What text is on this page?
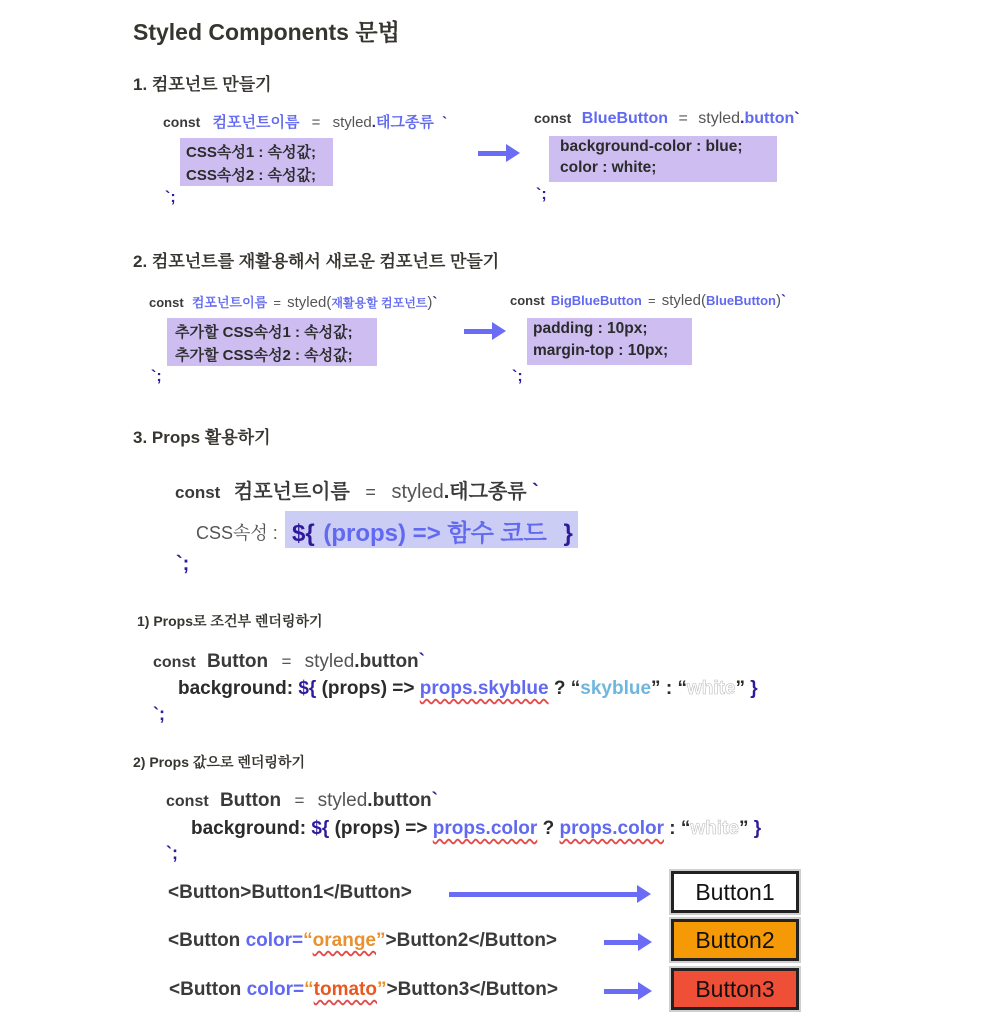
Styled Components 문법
1. 컴포넌트 만들기
const 컴포넌트이름 = styled.태그종류 `
CSS속성1 : 속성값;
CSS속성2 : 속성값;
`;
const BlueButton = styled.button`
background-color : blue;
color : white;
`;
2. 컴포넌트를 재활용해서 새로운 컴포넌트 만들기
const 컴포넌트이름 = styled(재활용할 컴포넌트)`
추가할 CSS속성1 : 속성값;
추가할 CSS속성2 : 속성값;
`;
const BigBlueButton = styled(BlueButton)`
padding : 10px;
margin-top : 10px;
`;
3. Props 활용하기
const 컴포넌트이름 = styled.태그종류 `
CSS속성 : ${ (props) => 함수 코드 }
`;
1) Props로 조건부 렌더링하기
const Button = styled.button`
background: ${ (props) => props.skyblue ? “skyblue” : “white” }
`;
2) Props 값으로 렌더링하기
const Button = styled.button`
background: ${ (props) => props.color ? props.color : “white” }
`;
<Button>Button1</Button>	Button1
<Button color=“orange”>Button2</Button>	Button2
<Button color=“tomato”>Button3</Button>	Button3
